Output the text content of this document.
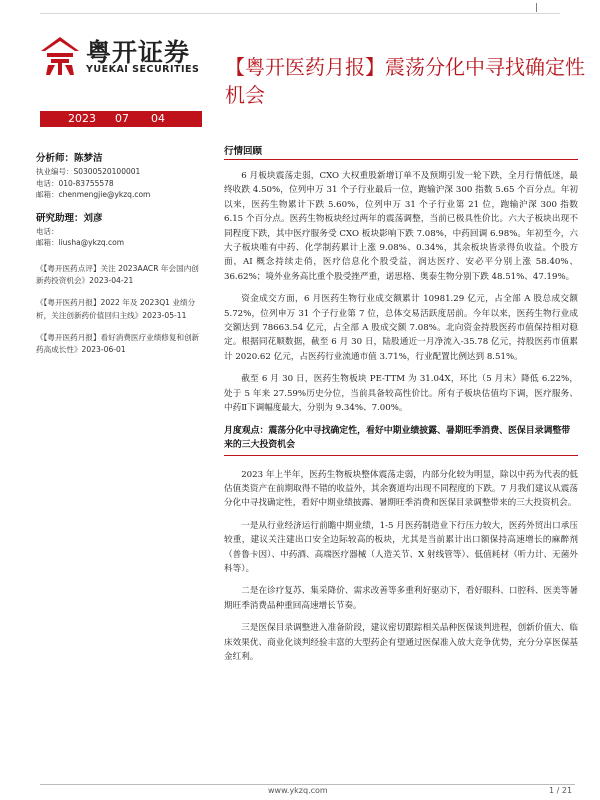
|
粤开证券
YUEKAI SECURITIES 【粤开医药月报】震荡分化中寻找确定性机会
2023 07 04
分析师：陈梦洁
执业编号：S0300520100001
电话：010-83755578
邮箱：chenmengjie@ykzq.com
研究助理：刘彦
电话：
邮箱：liusha@ykzq.com
《【粤开医药点评】关注 2023AACR 年会国内创新药投资机会》2023-04-21
《【粤开医药月报】2022 年及 2023Q1 业绩分析，关注创新药价值回归主线》2023-05-11
《【粤开医药月报】看好消费医疗业绩修复和创新药高成长性》2023-06-01
行情回顾

6 月板块震荡走弱，CXO 大权重股新增订单不及预期引发一轮下跌，全月行情低迷，最终收跌 4.50%，位列申万 31 个子行业最后一位，跑输沪深 300 指数 5.65 个百分点。年初以来，医药生物累计下跌 5.60%，位列申万 31 个子行业第 21 位，跑输沪深 300 指数 6.15 个百分点。医药生物板块经过两年的震荡调整，当前已极具性价比。六大子板块出现不同程度下跌，其中医疗服务受 CXO 板块影响下跌 7.08%，中药回调 6.98%。年初至今，六大子板块唯有中药、化学制药累计上涨 9.08%、0.34%，其余板块皆录得负收益。个股方面，AI 概念持续走俏，医疗信息化个股受益，润达医疗、安必平分别上涨 58.40%、36.62%；境外业务高比重个股受挫严重，诺思格、奥泰生物分别下跌 48.51%、47.19%。

资金成交方面，6 月医药生物行业成交额累计 10981.29 亿元，占全部 A 股总成交额 5.72%，位列申万 31 个子行业第 7 位，总体交易活跃度居前。今年以来，医药生物行业成交额达到 78663.54 亿元，占全部 A 股成交额 7.08%。北向资金持股医药市值保持相对稳定。根据同花顺数据，截至 6 月 30 日，陆股通近一月净流入-35.78 亿元，持股医药市值累计 2020.62 亿元，占医药行业流通市值 3.71%，行业配置比例达到 8.51%。

截至 6 月 30 日，医药生物板块 PE-TTM 为 31.04X，环比（5 月末）降低 6.22%，处于 5 年来 27.59%历史分位，当前具备较高性价比。所有子板块估值均下调，医疗服务、中药Ⅱ下调幅度最大，分别为 9.34%、7.00%。

月度观点：震荡分化中寻找确定性，看好中期业绩披露、暑期旺季消费、医保目录调整带来的三大投资机会

2023 年上半年，医药生物板块整体震荡走弱，内部分化较为明显，除以中药为代表的低估值类资产在前期取得不错的收益外，其余赛道均出现不同程度的下跌。7 月我们建议从震荡分化中寻找确定性，看好中期业绩披露、暑期旺季消费和医保目录调整带来的三大投资机会。

一是从行业经济运行前瞻中期业绩，1-5 月医药制造业下行压力较大，医药外贸出口承压较重，建议关注建出口安全边际较高的板块，尤其是当前累计出口额保持高速增长的麻醉剂（普鲁卡因）、中药酒、高端医疗器械（人造关节、X 射线管等）、低值耗材（听力计、无菌外科等）。

二是在诊疗复苏、集采降价、需求改善等多重利好驱动下，看好眼科、口腔科、医美等暑期旺季消费品种重回高速增长节奏。

三是医保目录调整进入准备阶段，建议密切跟踪相关品种医保谈判进程，创新价值大、临床效果优、商业化谈判经验丰富的大型药企有望通过医保准入放大竞争优势，充分分享医保基金红利。

www.ykzq.com	1 / 21
